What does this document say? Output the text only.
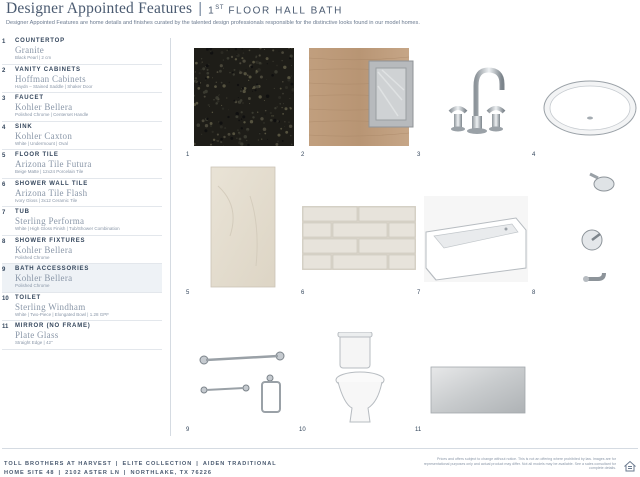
Designer Appointed Features | 1ST FLOOR HALL BATH
Designer Appointed Features are home details and finishes curated by the talented design professionals responsible for the distinctive looks found in our model homes.
1 COUNTERTOP
Granite
Black Pearl | 2 cm
2 VANITY CABINETS
Hoffman Cabinets
Haydn – Stained Saddle | Shaker Door
3 FAUCET
Kohler Bellera
Polished Chrome | Centerset Handle
4 SINK
Kohler Caxton
White | Undermount | Oval
5 FLOOR TILE
Arizona Tile Futura
Beige Matte | 12x24 Porcelain Tile
6 SHOWER WALL TILE
Arizona Tile Flash
Ivory Gloss | 3x12 Ceramic Tile
7 TUB
Sterling Performa
White | High Gloss Finish | Tub/Shower Combination
8 SHOWER FIXTURES
Kohler Bellera
Polished Chrome
9 BATH ACCESSORIES
Kohler Bellera
Polished Chrome
10 TOILET
Sterling Windham
White | Two-Piece | Elongated Bowl | 1.28 GPF
11 MIRROR (NO FRAME)
Plate Glass
Straight Edge | 42"
1	2	3	4
5	6	7	8
9	10	11
TOLL BROTHERS AT HARVEST | ELITE COLLECTION | AIDEN TRADITIONAL
HOME SITE 48 | 2102 ASTER LN | NORTHLAKE, TX 76226
Prices and offers subject to change without notice. This is not an offering where prohibited by law. Images are for representational purposes only and actual product may differ. Not all models may be available. See a sales consultant for complete details.
